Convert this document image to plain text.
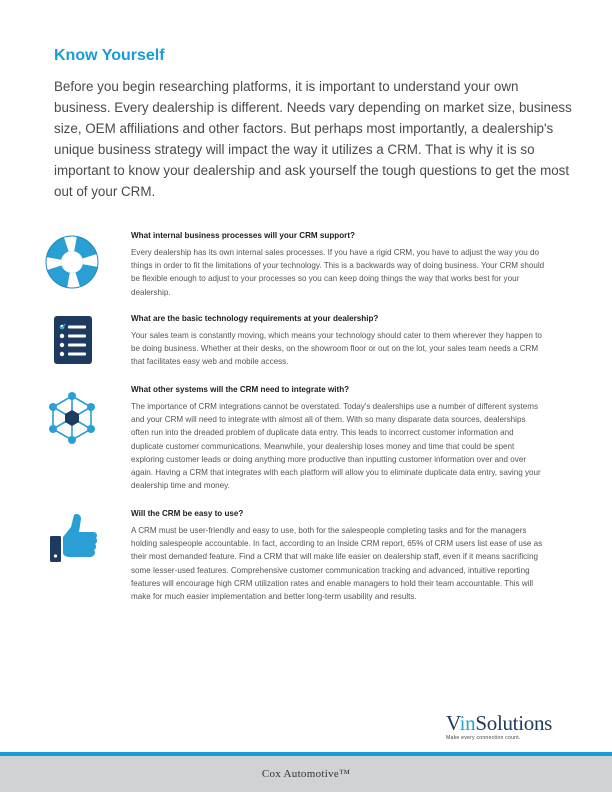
Know Yourself

Before you begin researching platforms, it is important to understand your own business. Every dealership is different. Needs vary depending on market size, business size, OEM affiliations and other factors. But perhaps most importantly, a dealership's unique business strategy will impact the way it utilizes a CRM. That is why it is so important to know your dealership and ask yourself the tough questions to get the most out of your CRM.

What internal business processes will your CRM support?

Every dealership has its own internal sales processes. If you have a rigid CRM, you have to adjust the way you do things in order to fit the limitations of your technology. This is a backwards way of doing business. Your CRM should be flexible enough to adjust to your processes so you can keep doing things the way that works best for your dealership.

What are the basic technology requirements at your dealership?

Your sales team is constantly moving, which means your technology should cater to them wherever they happen to be doing business. Whether at their desks, on the showroom floor or out on the lot, your sales team needs a CRM that facilitates easy web and mobile access.

What other systems will the CRM need to integrate with?

The importance of CRM integrations cannot be overstated. Today's dealerships use a number of different systems and your CRM will need to integrate with almost all of them. With so many disparate data sources, dealerships often run into the dreaded problem of duplicate data entry. This leads to incorrect customer information and duplicate customer communications. Meanwhile, your dealership loses money and time that could be spent exploring customer leads or doing anything more productive than inputting customer information over and over again. Having a CRM that integrates with each platform will allow you to eliminate duplicate data entry, saving your dealership time and money.

Will the CRM be easy to use?

A CRM must be user-friendly and easy to use, both for the salespeople completing tasks and for the managers holding salespeople accountable. In fact, according to an Inside CRM report, 65% of CRM users list ease of use as their most demanded feature. Find a CRM that will make life easier on dealership staff, even if it means sacrificing some lesser-used features. Comprehensive customer communication tracking and advanced, intuitive reporting features will encourage high CRM utilization rates and enable managers to hold their team accountable. This will make for much easier implementation and better long-term usability and results.

VinSolutions
Make every connection count.
Cox Automotive™
